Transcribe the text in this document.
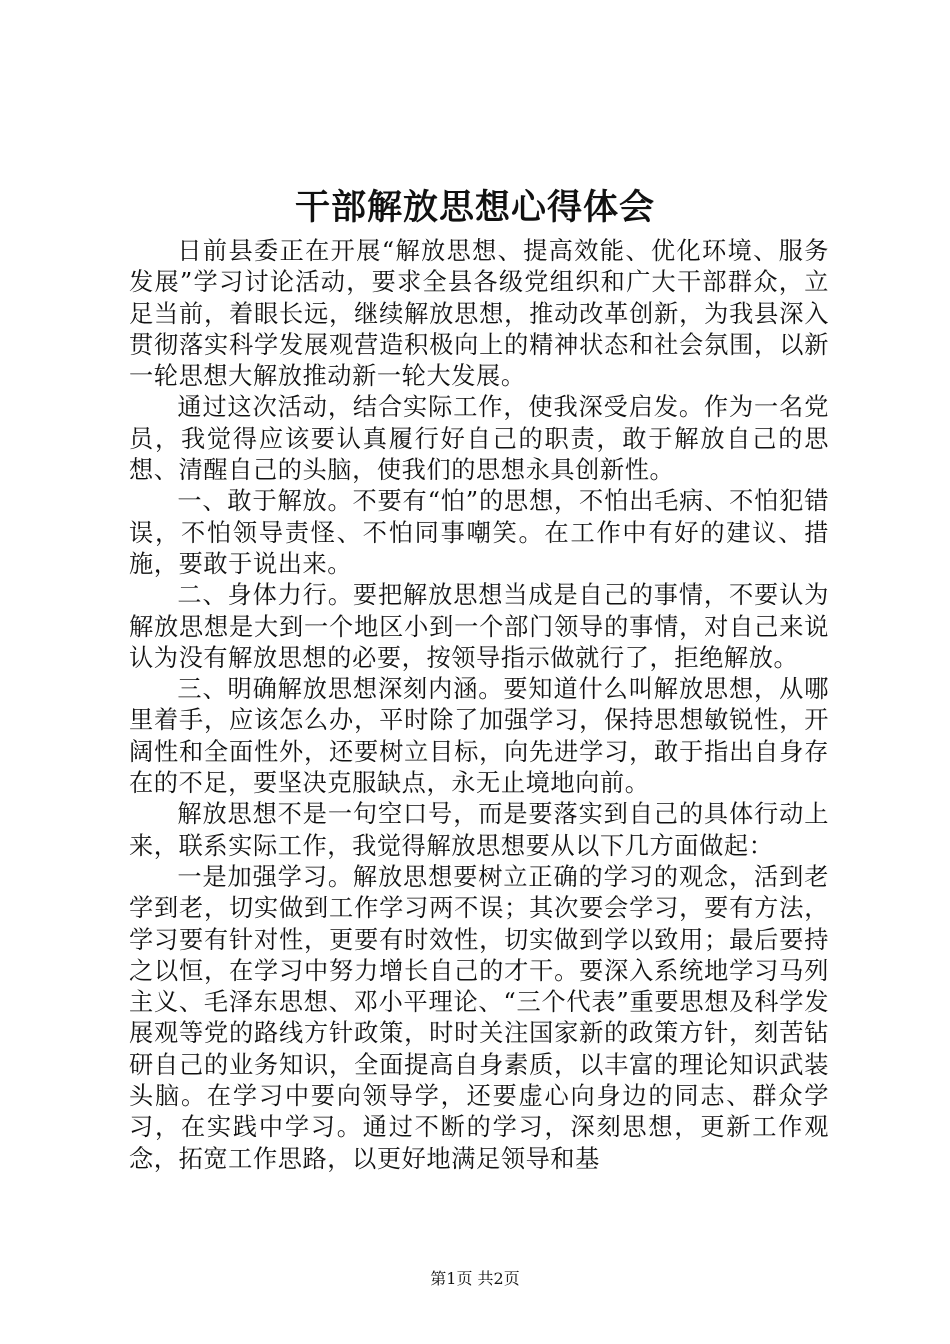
干部解放思想心得体会

日前县委正在开展“解放思想、提高效能、优化环境、服务发展”学习讨论活动，要求全县各级党组织和广大干部群众，立足当前，着眼长远，继续解放思想，推动改革创新，为我县深入贯彻落实科学发展观营造积极向上的精神状态和社会氛围，以新一轮思想大解放推动新一轮大发展。

通过这次活动，结合实际工作，使我深受启发。作为一名党员，我觉得应该要认真履行好自己的职责，敢于解放自己的思想、清醒自己的头脑，使我们的思想永具创新性。

一、敢于解放。不要有“怕”的思想，不怕出毛病、不怕犯错误，不怕领导责怪、不怕同事嘲笑。在工作中有好的建议、措施，要敢于说出来。

二、身体力行。要把解放思想当成是自己的事情，不要认为解放思想是大到一个地区小到一个部门领导的事情，对自己来说认为没有解放思想的必要，按领导指示做就行了，拒绝解放。

三、明确解放思想深刻内涵。要知道什么叫解放思想，从哪里着手，应该怎么办，平时除了加强学习，保持思想敏锐性，开阔性和全面性外，还要树立目标，向先进学习，敢于指出自身存在的不足，要坚决克服缺点，永无止境地向前。

解放思想不是一句空口号，而是要落实到自己的具体行动上来，联系实际工作，我觉得解放思想要从以下几方面做起：

一是加强学习。解放思想要树立正确的学习的观念，活到老学到老，切实做到工作学习两不误；其次要会学习，要有方法，学习要有针对性，更要有时效性，切实做到学以致用；最后要持之以恒，在学习中努力增长自己的才干。要深入系统地学习马列主义、毛泽东思想、邓小平理论、“三个代表”重要思想及科学发展观等党的路线方针政策，时时关注国家新的政策方针，刻苦钻研自己的业务知识，全面提高自身素质，以丰富的理论知识武装头脑。在学习中要向领导学，还要虚心向身边的同志、群众学习，在实践中学习。通过不断的学习，深刻思想，更新工作观念，拓宽工作思路，以更好地满足领导和基

第1页 共2页
